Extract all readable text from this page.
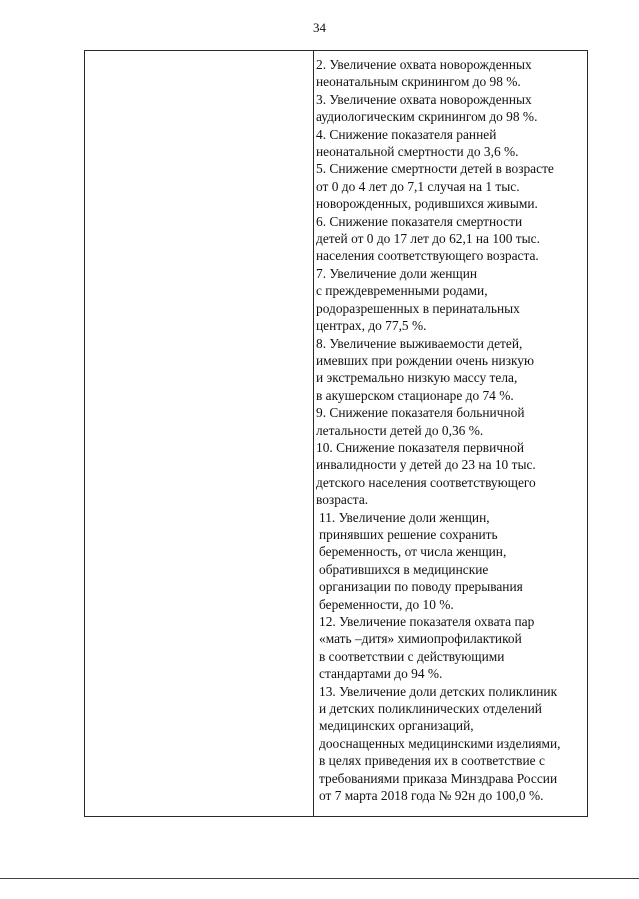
34
2. Увеличение охвата новорожденных
неонатальным скринингом до 98 %.
3. Увеличение охвата новорожденных
аудиологическим скринингом до 98 %.
4. Снижение показателя ранней
неонатальной смертности до 3,6 %.
5. Снижение смертности детей в возрасте
от 0 до 4 лет до 7,1 случая на 1 тыс.
новорожденных, родившихся живыми.
6. Снижение показателя смертности
детей от 0 до 17 лет до 62,1 на 100 тыс.
населения соответствующего возраста.
7. Увеличение доли женщин
с преждевременными родами,
родоразрешенных в перинатальных
центрах, до 77,5 %.
8. Увеличение выживаемости детей,
имевших при рождении очень низкую
и экстремально низкую массу тела,
в акушерском стационаре до 74 %.
9. Снижение показателя больничной
летальности детей до 0,36 %.
10. Снижение показателя первичной
инвалидности у детей до 23 на 10 тыс.
детского населения соответствующего
возраста.
11. Увеличение доли женщин,
принявших решение сохранить
беременность, от числа женщин,
обратившихся в медицинские
организации по поводу прерывания
беременности, до 10 %.
12. Увеличение показателя охвата пар
«мать –дитя» химиопрофилактикой
в соответствии с действующими
стандартами до 94 %.
13. Увеличение доли детских поликлиник
и детских поликлинических отделений
медицинских организаций,
дооснащенных медицинскими изделиями,
в целях приведения их в соответствие с
требованиями приказа Минздрава России
от 7 марта 2018 года № 92н до 100,0 %.
